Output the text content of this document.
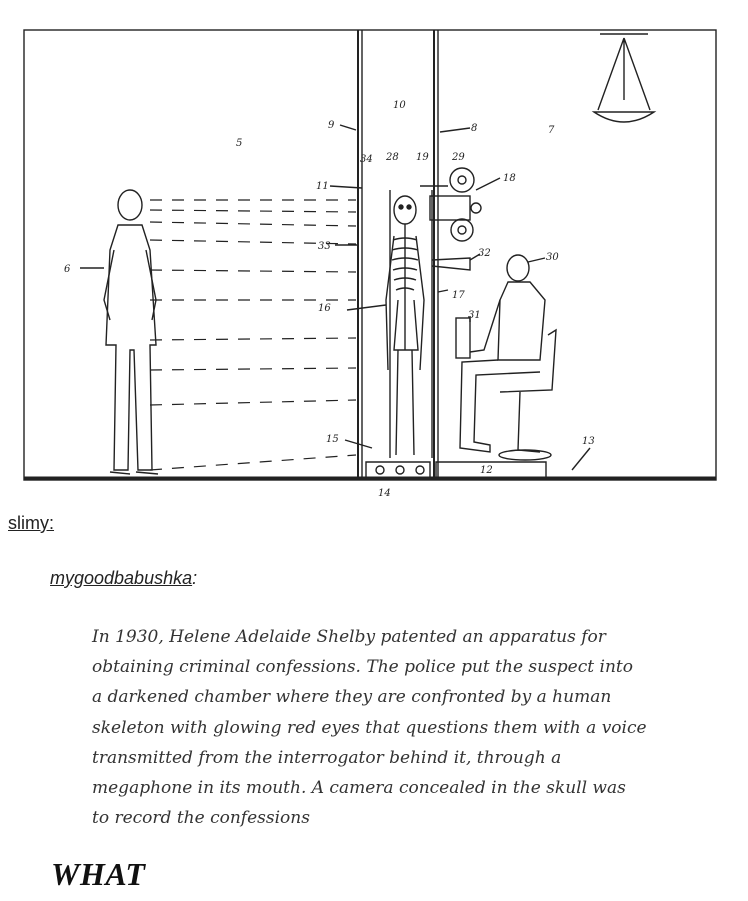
5
7
10
9	8
34 28 19 29
18
11
33
6
32	30
17
16
31
15	13
12
14
slimy:
mygoodbabushka:
In 1930, Helene Adelaide Shelby patented an apparatus for
obtaining criminal confessions. The police put the suspect into
a darkened chamber where they are confronted by a human
skeleton with glowing red eyes that questions them with a voice
transmitted from the interrogator behind it, through a
megaphone in its mouth. A camera concealed in the skull was
to record the confessions
WHAT
